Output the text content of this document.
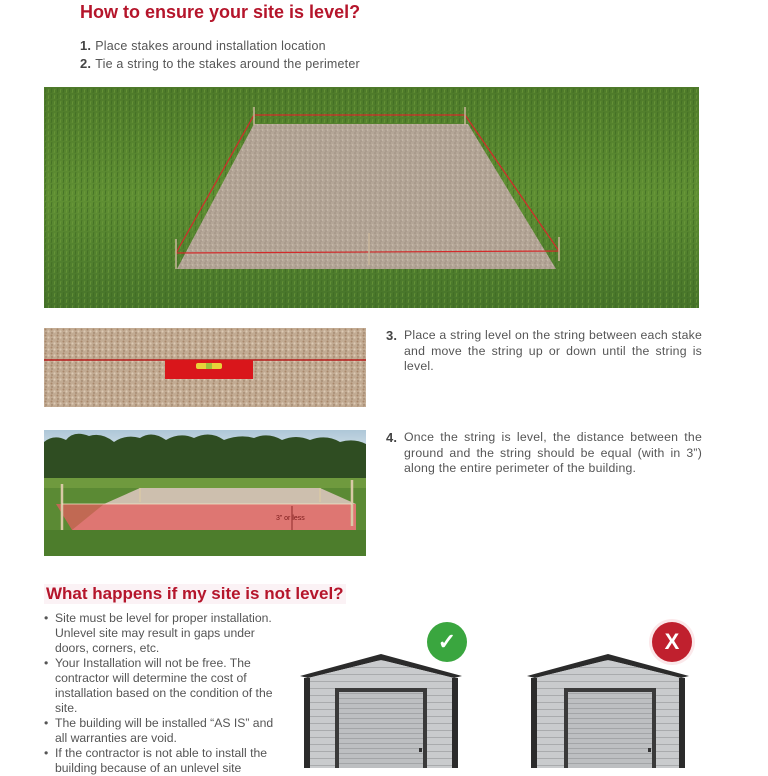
How to ensure your site is level?
1. Place stakes around installation location
2. Tie a string to the stakes around the perimeter
3. Place a string level on the string between each stake and move the string up or down until the string is level.
3” or less
4. Once the string is level, the distance between the ground and the string should be equal (with in 3”) along the entire perimeter of the building.
What happens if my site is not level?
• Site must be level for proper installation. Unlevel site may result in gaps under doors, corners, etc.
• Your Installation will not be free. The contractor will determine the cost of installation based on the condition of the site.
• The building will be installed “AS IS” and all warranties are void.
• If the contractor is not able to install the building because of an unlevel site
✓	X
